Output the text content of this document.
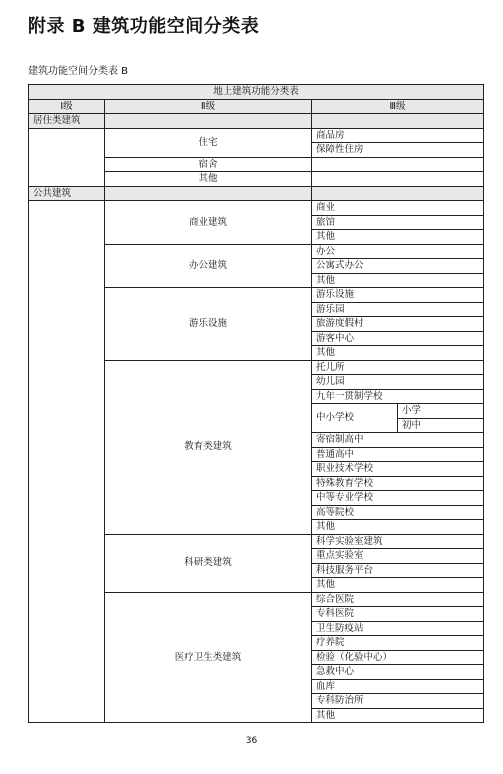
附录 B 建筑功能空间分类表
建筑功能空间分类表 B
地上建筑功能分类表			
Ⅰ级	Ⅱ级	Ⅲ级	
居住类建筑			
	住宅	商品房	
		保障性住房	
	宿舍		
	其他		
公共建筑			
	商业建筑	商业	
		旅馆	
		其他	
	办公建筑	办公	
		公寓式办公	
		其他	
	游乐设施	游乐设施	
		游乐园	
		旅游度假村	
		游客中心	
		其他	
	教育类建筑	托儿所	
		幼儿园	
		九年一贯制学校	
		中小学校	小学
			初中
		寄宿制高中	
		普通高中	
		职业技术学校	
		特殊教育学校	
		中等专业学校	
		高等院校	
		其他	
	科研类建筑	科学实验室建筑	
		重点实验室	
		科技服务平台	
		其他	
	医疗卫生类建筑	综合医院	
		专科医院	
		卫生防疫站	
		疗养院	
		检验（化验中心）	
		急救中心	
		血库	
		专科防治所	
		其他	
36
